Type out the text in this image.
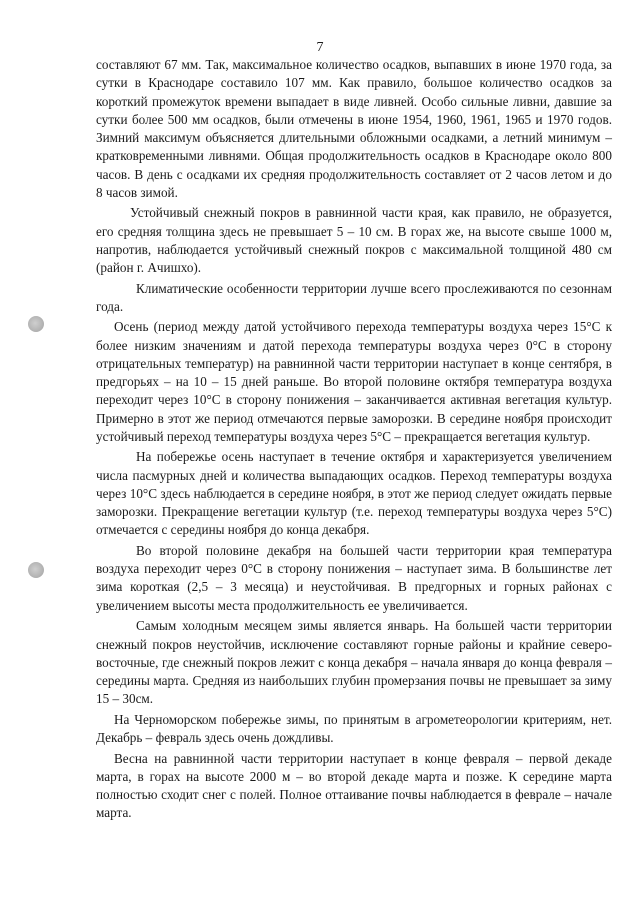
7

составляют 67 мм. Так, максимальное количество осадков, выпавших в июне 1970 года, за сутки в Краснодаре составило 107 мм. Как правило, большое количество осадков за короткий промежуток времени выпадает в виде ливней. Особо сильные ливни, давшие за сутки более 500 мм осадков, были отмечены в июне 1954, 1960, 1961, 1965 и 1970 годов. Зимний максимум объясняется длительными обложными осадками, а летний минимум – кратковременными ливнями. Общая продолжительность осадков в Краснодаре около 800 часов. В день с осадками их средняя продолжительность составляет от 2 часов летом и до 8 часов зимой.

Устойчивый снежный покров в равнинной части края, как правило, не образуется, его средняя толщина здесь не превышает 5 – 10 см. В горах же, на высоте свыше 1000 м, напротив, наблюдается устойчивый снежный покров с максимальной толщиной 480 см (район г. Ачишхо).

Климатические особенности территории лучше всего прослеживаются по сезоннам года.

Осень (период между датой устойчивого перехода температуры воздуха через 15°С к более низким значениям и датой перехода температуры воздуха через 0°С в сторону отрицательных температур) на равнинной части территории наступает в конце сентября, в предгорьях – на 10 – 15 дней раньше. Во второй половине октября температура воздуха переходит через 10°С в сторону понижения – заканчивается активная вегетация культур. Примерно в этот же период отмечаются первые заморозки. В середине ноября происходит устойчивый переход температуры воздуха через 5°С – прекращается вегетация культур.

На побережье осень наступает в течение октября и характеризуется увеличением числа пасмурных дней и количества выпадающих осадков. Переход температуры воздуха через 10°С здесь наблюдается в середине ноября, в этот же период следует ожидать первые заморозки. Прекращение вегетации культур (т.е. переход температуры воздуха через 5°С) отмечается с середины ноября до конца декабря.

Во второй половине декабря на большей части территории края температура воздуха переходит через 0°С в сторону понижения – наступает зима. В большинстве лет зима короткая (2,5 – 3 месяца) и неустойчивая. В предгорных и горных районах с увеличением высоты места продолжительность ее увеличивается.

Самым холодным месяцем зимы является январь. На большей части территории снежный покров неустойчив, исключение составляют горные районы и крайние северо-восточные, где снежный покров лежит с конца декабря – начала января до конца февраля – середины марта. Средняя из наибольших глубин промерзания почвы не превышает за зиму 15 – 30см.

На Черноморском побережье зимы, по принятым в агрометеорологии критериям, нет. Декабрь – февраль здесь очень дождливы.

Весна на равнинной части территории наступает в конце февраля – первой декаде марта, в горах на высоте 2000 м – во второй декаде марта и позже. К середине марта полностью сходит снег с полей. Полное оттаивание почвы наблюдается в феврале – начале марта.
